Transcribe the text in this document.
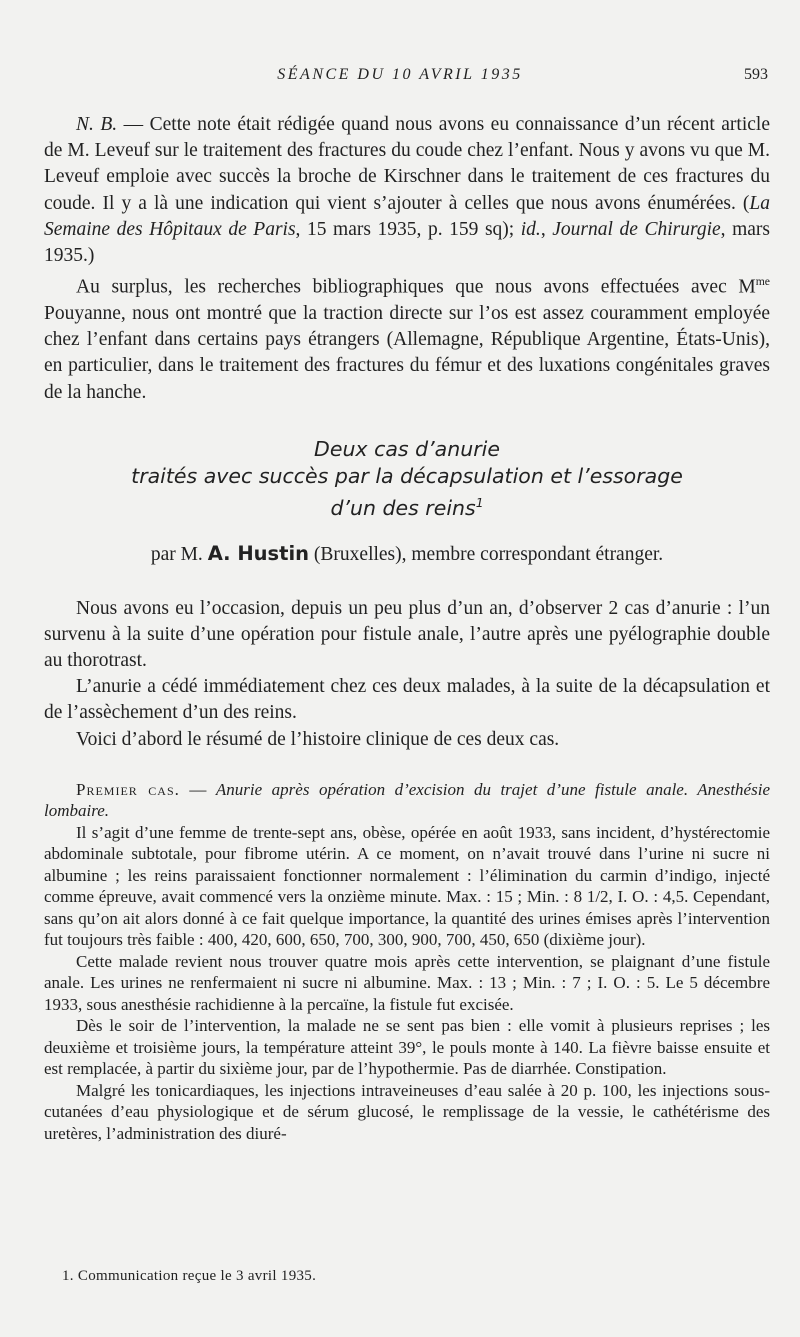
SÉANCE DU 10 AVRIL 1935	593

N. B. — Cette note était rédigée quand nous avons eu connaissance d’un récent article de M. Leveuf sur le traitement des fractures du coude chez l’enfant. Nous y avons vu que M. Leveuf emploie avec succès la broche de Kirschner dans le traitement de ces fractures du coude. Il y a là une indication qui vient s’ajouter à celles que nous avons énumérées. (La Semaine des Hôpitaux de Paris, 15 mars 1935, p. 159 sq); id., Journal de Chirurgie, mars 1935.)

Au surplus, les recherches bibliographiques que nous avons effectuées avec $M^{me}$ Pouyanne, nous ont montré que la traction directe sur l’os est assez couramment employée chez l’enfant dans certains pays étrangers (Allemagne, République Argentine, États-Unis), en particulier, dans le traitement des fractures du fémur et des luxations congénitales graves de la hanche.

Deux cas d’anurie
traités avec succès par la décapsulation et l’essorage
d’un des reins$^1$
par M. A. Hustin (Bruxelles), membre correspondant étranger.

Nous avons eu l’occasion, depuis un peu plus d’un an, d’observer 2 cas d’anurie : l’un survenu à la suite d’une opération pour fistule anale, l’autre après une pyélographie double au thorotrast.

L’anurie a cédé immédiatement chez ces deux malades, à la suite de la décapsulation et de l’assèchement d’un des reins.

Voici d’abord le résumé de l’histoire clinique de ces deux cas.

Premier cas. — Anurie après opération d’excision du trajet d’une fistule anale. Anesthésie lombaire.

Il s’agit d’une femme de trente-sept ans, obèse, opérée en août 1933, sans incident, d’hystérectomie abdominale subtotale, pour fibrome utérin. A ce moment, on n’avait trouvé dans l’urine ni sucre ni albumine ; les reins paraissaient fonctionner normalement : l’élimination du carmin d’indigo, injecté comme épreuve, avait commencé vers la onzième minute. Max. : 15 ; Min. : 8 1/2, I. O. : 4,5. Cependant, sans qu’on ait alors donné à ce fait quelque importance, la quantité des urines émises après l’intervention fut toujours très faible : 400, 420, 600, 650, 700, 300, 900, 700, 450, 650 (dixième jour).

Cette malade revient nous trouver quatre mois après cette intervention, se plaignant d’une fistule anale. Les urines ne renfermaient ni sucre ni albumine. Max. : 13 ; Min. : 7 ; I. O. : 5. Le 5 décembre 1933, sous anesthésie rachidienne à la percaïne, la fistule fut excisée.

Dès le soir de l’intervention, la malade ne se sent pas bien : elle vomit à plusieurs reprises ; les deuxième et troisième jours, la température atteint 39°, le pouls monte à 140. La fièvre baisse ensuite et est remplacée, à partir du sixième jour, par de l’hypothermie. Pas de diarrhée. Constipation.

Malgré les tonicardiaques, les injections intraveineuses d’eau salée à 20 p. 100, les injections sous-cutanées d’eau physiologique et de sérum glucosé, le remplissage de la vessie, le cathétérisme des uretères, l’administration des diuré-

1. Communication reçue le 3 avril 1935.
